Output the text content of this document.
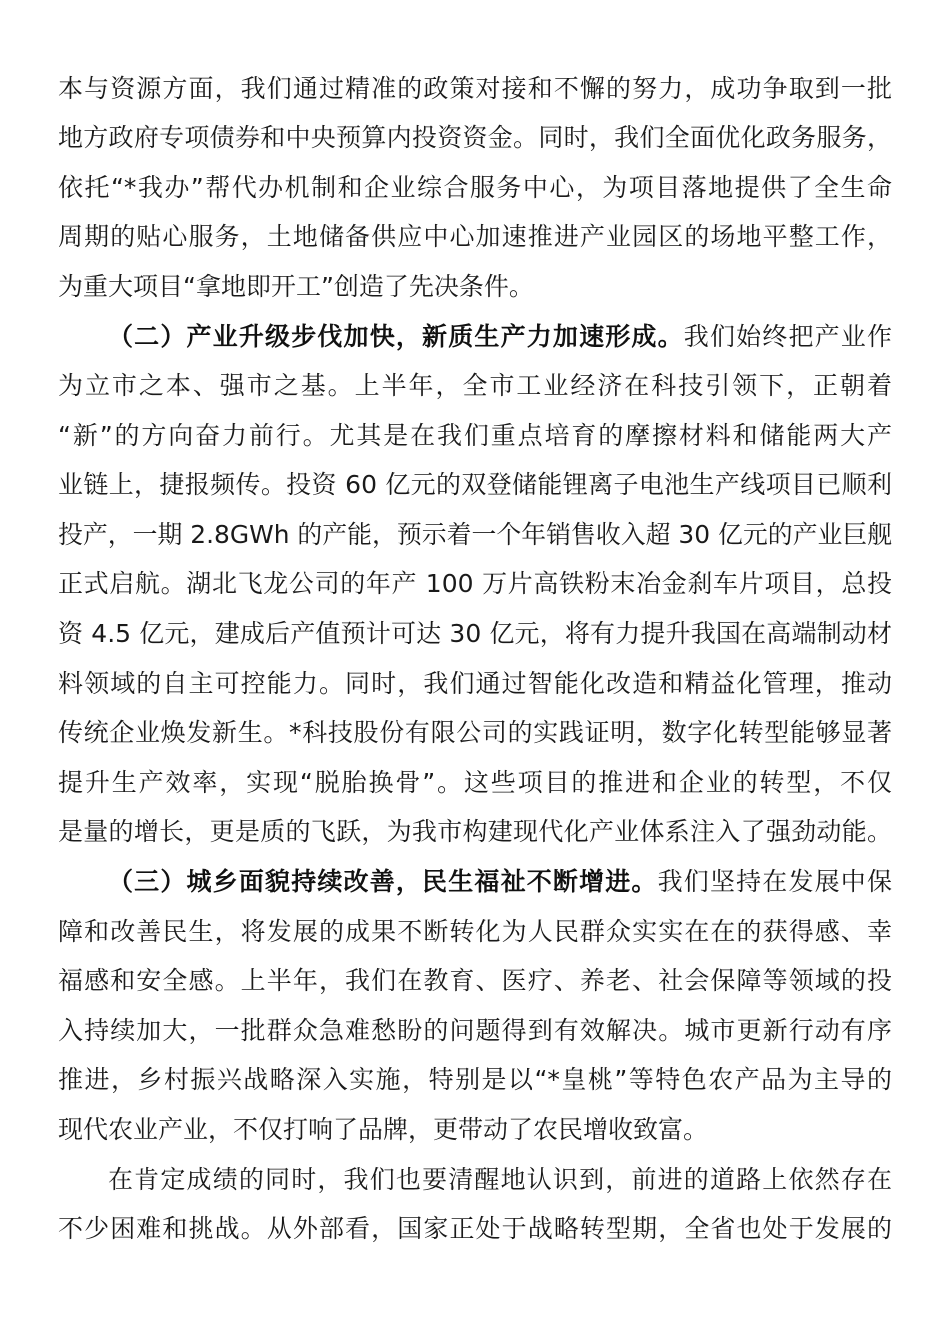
本与资源方面，我们通过精准的政策对接和不懈的努力，成功争取到一批
地方政府专项债券和中央预算内投资资金。同时，我们全面优化政务服务，
依托“*我办”帮代办机制和企业综合服务中心，为项目落地提供了全生命
周期的贴心服务，土地储备供应中心加速推进产业园区的场地平整工作，
为重大项目“拿地即开工”创造了先决条件。
（二）产业升级步伐加快，新质生产力加速形成。我们始终把产业作
为立市之本、强市之基。上半年，全市工业经济在科技引领下，正朝着
“新”的方向奋力前行。尤其是在我们重点培育的摩擦材料和储能两大产
业链上，捷报频传。投资 60 亿元的双登储能锂离子电池生产线项目已顺利
投产，一期 2.8GWh 的产能，预示着一个年销售收入超 30 亿元的产业巨舰
正式启航。湖北飞龙公司的年产 100 万片高铁粉末冶金刹车片项目，总投
资 4.5 亿元，建成后产值预计可达 30 亿元，将有力提升我国在高端制动材
料领域的自主可控能力。同时，我们通过智能化改造和精益化管理，推动
传统企业焕发新生。*科技股份有限公司的实践证明，数字化转型能够显著
提升生产效率，实现“脱胎换骨”。这些项目的推进和企业的转型，不仅
是量的增长，更是质的飞跃，为我市构建现代化产业体系注入了强劲动能。
（三）城乡面貌持续改善，民生福祉不断增进。我们坚持在发展中保
障和改善民生，将发展的成果不断转化为人民群众实实在在的获得感、幸
福感和安全感。上半年，我们在教育、医疗、养老、社会保障等领域的投
入持续加大，一批群众急难愁盼的问题得到有效解决。城市更新行动有序
推进，乡村振兴战略深入实施，特别是以“*皇桃”等特色农产品为主导的
现代农业产业，不仅打响了品牌，更带动了农民增收致富。
在肯定成绩的同时，我们也要清醒地认识到，前进的道路上依然存在
不少困难和挑战。从外部看，国家正处于战略转型期，全省也处于发展的
